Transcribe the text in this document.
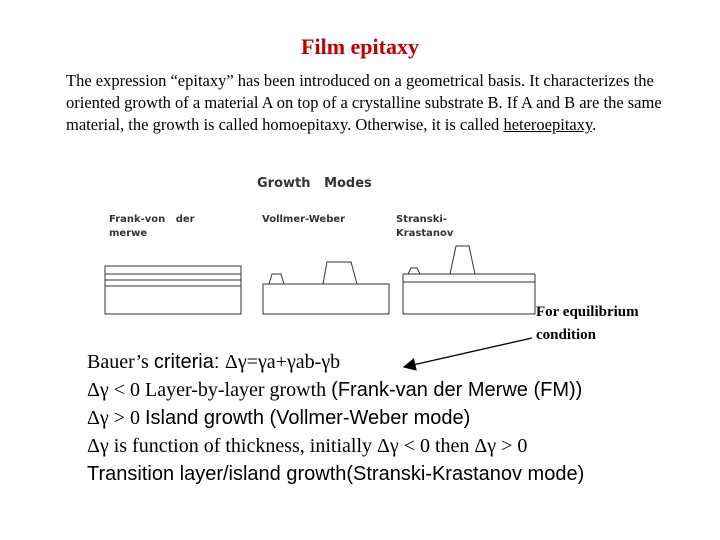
Film epitaxy
The expression “epitaxy” has been introduced on a geometrical basis. It characterizes the oriented growth of a material A on top of a crystalline substrate B. If A and B are the same material, the growth is called homoepitaxy. Otherwise, it is called heteroepitaxy.
Growth   Modes
Frank-von   der
merwe
Vollmer-Weber	Stranski-
Krastanov
For equilibrium
condition
Bauer’s criteria: Δγ=γa+γab-γb
Δγ < 0 Layer-by-layer growth (Frank-van der Merwe (FM))
Δγ > 0 Island growth (Vollmer-Weber mode)
Δγ is function of thickness, initially Δγ < 0 then Δγ > 0
Transition layer/island growth(Stranski-Krastanov mode)
